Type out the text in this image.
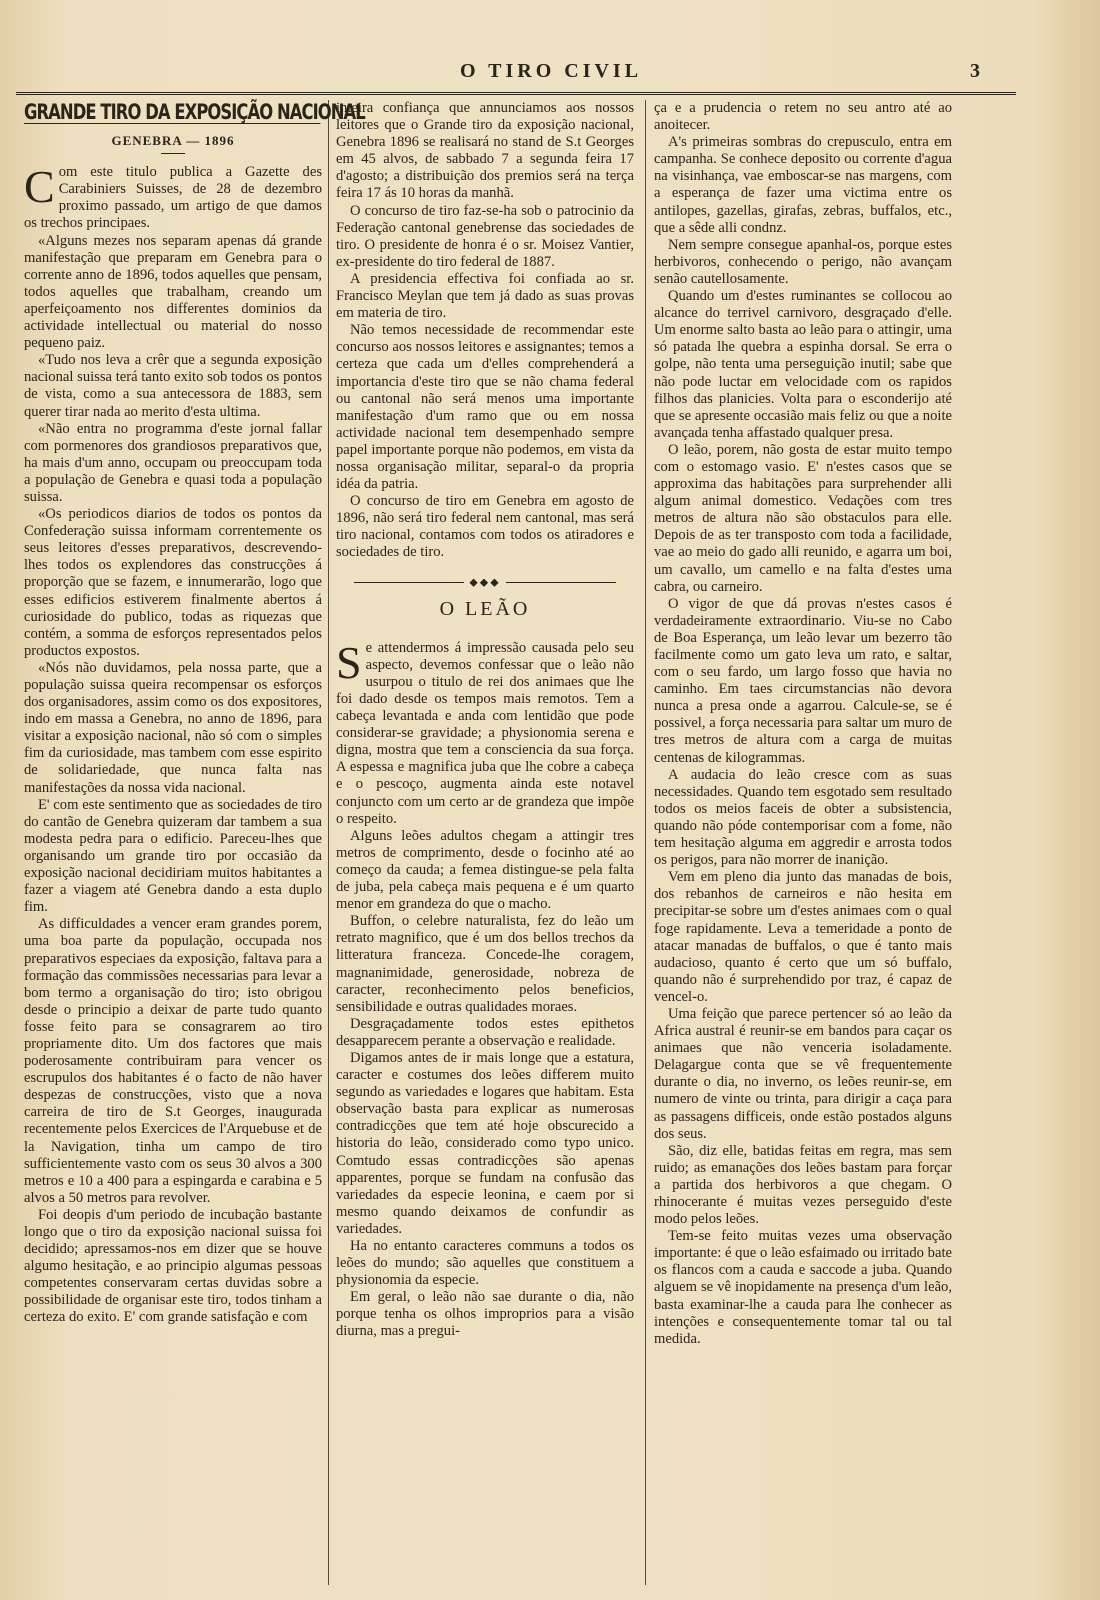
O TIRO CIVIL	3
GRANDE TIRO DA EXPOSIÇÃO NACIONAL
GENEBRA — 1896
C om este titulo publica a Gazette des Carabiniers Suisses, de 28 de dezembro proximo passado, um artigo de que damos os trechos principaes.

«Alguns mezes nos separam apenas dá grande manifestação que preparam em Genebra para o corrente anno de 1896, todos aquelles que pensam, todos aquelles que trabalham, creando um aperfeiçoamento nos differentes dominios da actividade intellectual ou material do nosso pequeno paiz.

«Tudo nos leva a crêr que a segunda exposição nacional suissa terá tanto exito sob todos os pontos de vista, como a sua antecessora de 1883, sem querer tirar nada ao merito d'esta ultima.

«Não entra no programma d'este jornal fallar com pormenores dos grandiosos preparativos que, ha mais d'um anno, occupam ou preoccupam toda a população de Genebra e quasi toda a população suissa.

«Os periodicos diarios de todos os pontos da Confederação suissa informam correntemente os seus leitores d'esses preparativos, descrevendo-lhes todos os explendores das construcções á proporção que se fazem, e innumerarão, logo que esses edificios estiverem finalmente abertos á curiosidade do publico, todas as riquezas que contém, a somma de esforços representados pelos productos expostos.

«Nós não duvidamos, pela nossa parte, que a população suissa queira recompensar os esforços dos organisadores, assim como os dos expositores, indo em massa a Genebra, no anno de 1896, para visitar a exposição nacional, não só com o simples fim da curiosidade, mas tambem com esse espirito de solidariedade, que nunca falta nas manifestações da nossa vida nacional.

E' com este sentimento que as sociedades de tiro do cantão de Genebra quizeram dar tambem a sua modesta pedra para o edificio. Pareceu-lhes que organisando um grande tiro por occasião da exposição nacional decidiriam muitos habitantes a fazer a viagem até Genebra dando a esta duplo fim.

As difficuldades a vencer eram grandes porem, uma boa parte da população, occupada nos preparativos especiaes da exposição, faltava para a formação das commissões necessarias para levar a bom termo a organisação do tiro; isto obrigou desde o principio a deixar de parte tudo quanto fosse feito para se consagrarem ao tiro propriamente dito. Um dos factores que mais poderosamente contribuiram para vencer os escrupulos dos habitantes é o facto de não haver despezas de construcções, visto que a nova carreira de tiro de S.t Georges, inaugurada recentemente pelos Exercices de l'Arquebuse et de la Navigation, tinha um campo de tiro sufficientemente vasto com os seus 30 alvos a 300 metros e 10 a 400 para a espingarda e carabina e 5 alvos a 50 metros para revolver.

Foi deopis d'um periodo de incubação bastante longo que o tiro da exposição nacional suissa foi decidido; apressamos-nos em dizer que se houve algumo hesitação, e ao principio algumas pessoas competentes conservaram certas duvidas sobre a possibilidade de organisar este tiro, todos tinham a certeza do exito. E' com grande satisfação e com

inteira confiança que annunciamos aos nossos leitores que o Grande tiro da exposição nacional, Genebra 1896 se realisará no stand de S.t Georges em 45 alvos, de sabbado 7 a segunda feira 17 d'agosto; a distribuição dos premios será na terça feira 17 ás 10 horas da manhã.

O concurso de tiro faz-se-ha sob o patrocinio da Federação cantonal genebrense das sociedades de tiro. O presidente de honra é o sr. Moisez Vantier, ex-presidente do tiro federal de 1887.

A presidencia effectiva foi confiada ao sr. Francisco Meylan que tem já dado as suas provas em materia de tiro.

Não temos necessidade de recommendar este concurso aos nossos leitores e assignantes; temos a certeza que cada um d'elles comprehenderá a importancia d'este tiro que se não chama federal ou cantonal não será menos uma importante manifestação d'um ramo que ou em nossa actividade nacional tem desempenhado sempre papel importante porque não podemos, em vista da nossa organisação militar, separal-o da propria idéa da patria.

O concurso de tiro em Genebra em agosto de 1896, não será tiro federal nem cantonal, mas será tiro nacional, contamos com todos os atiradores e sociedades de tiro.

⬥⬥⬥
O LEÃO
S e attendermos á impressão causada pelo seu aspecto, devemos confessar que o leão não usurpou o titulo de rei dos animaes que lhe foi dado desde os tempos mais remotos. Tem a cabeça levantada e anda com lentidão que pode considerar-se gravidade; a physionomia serena e digna, mostra que tem a consciencia da sua força. A espessa e magnifica juba que lhe cobre a cabeça e o pescoço, augmenta ainda este notavel conjuncto com um certo ar de grandeza que impõe o respeito.

Alguns leões adultos chegam a attingir tres metros de comprimento, desde o focinho até ao começo da cauda; a femea distingue-se pela falta de juba, pela cabeça mais pequena e é um quarto menor em grandeza do que o macho.

Buffon, o celebre naturalista, fez do leão um retrato magnifico, que é um dos bellos trechos da litteratura franceza. Concede-lhe coragem, magnanimidade, generosidade, nobreza de caracter, reconhecimento pelos beneficios, sensibilidade e outras qualidades moraes.

Desgraçadamente todos estes epithetos desapparecem perante a observação e realidade.

Digamos antes de ir mais longe que a estatura, caracter e costumes dos leões differem muito segundo as variedades e logares que habitam. Esta observação basta para explicar as numerosas contradicções que tem até hoje obscurecido a historia do leão, considerado como typo unico. Comtudo essas contradicções são apenas apparentes, porque se fundam na confusão das variedades da especie leonina, e caem por si mesmo quando deixamos de confundir as variedades.

Ha no entanto caracteres communs a todos os leões do mundo; são aquelles que constituem a physionomia da especie.

Em geral, o leão não sae durante o dia, não porque tenha os olhos improprios para a visão diurna, mas a pregui-

ça e a prudencia o retem no seu antro até ao anoitecer.

A's primeiras sombras do crepusculo, entra em campanha. Se conhece deposito ou corrente d'agua na visinhança, vae emboscar-se nas margens, com a esperança de fazer uma victima entre os antilopes, gazellas, girafas, zebras, buffalos, etc., que a sêde alli condnz.

Nem sempre consegue apanhal-os, porque estes herbivoros, conhecendo o perigo, não avançam senão cautellosamente.

Quando um d'estes ruminantes se collocou ao alcance do terrivel carnivoro, desgraçado d'elle. Um enorme salto basta ao leão para o attingir, uma só patada lhe quebra a espinha dorsal. Se erra o golpe, não tenta uma perseguição inutil; sabe que não pode luctar em velocidade com os rapidos filhos das planicies. Volta para o esconderijo até que se apresente occasião mais feliz ou que a noite avançada tenha affastado qualquer presa.

O leão, porem, não gosta de estar muito tempo com o estomago vasio. E' n'estes casos que se approxima das habitações para surprehender alli algum animal domestico. Vedações com tres metros de altura não são obstaculos para elle. Depois de as ter transposto com toda a facilidade, vae ao meio do gado alli reunido, e agarra um boi, um cavallo, um camello e na falta d'estes uma cabra, ou carneiro.

O vigor de que dá provas n'estes casos é verdadeiramente extraordinario. Viu-se no Cabo de Boa Esperança, um leão levar um bezerro tão facilmente como um gato leva um rato, e saltar, com o seu fardo, um largo fosso que havia no caminho. Em taes circumstancias não devora nunca a presa onde a agarrou. Calcule-se, se é possivel, a força necessaria para saltar um muro de tres metros de altura com a carga de muitas centenas de kilogrammas.

A audacia do leão cresce com as suas necessidades. Quando tem esgotado sem resultado todos os meios faceis de obter a subsistencia, quando não póde contemporisar com a fome, não tem hesitação alguma em aggredir e arrosta todos os perigos, para não morrer de inanição.

Vem em pleno dia junto das manadas de bois, dos rebanhos de carneiros e não hesita em precipitar-se sobre um d'estes animaes com o qual foge rapidamente. Leva a temeridade a ponto de atacar manadas de buffalos, o que é tanto mais audacioso, quanto é certo que um só buffalo, quando não é surprehendido por traz, é capaz de vencel-o.

Uma feição que parece pertencer só ao leão da Africa austral é reunir-se em bandos para caçar os animaes que não venceria isoladamente. Delagargue conta que se vê frequentemente durante o dia, no inverno, os leões reunir-se, em numero de vinte ou trinta, para dirigir a caça para as passagens difficeis, onde estão postados alguns dos seus.

São, diz elle, batidas feitas em regra, mas sem ruido; as emanações dos leões bastam para forçar a partida dos herbivoros a que chegam. O rhinocerante é muitas vezes perseguido d'este modo pelos leões.

Tem-se feito muitas vezes uma observação importante: é que o leão esfaimado ou irritado bate os flancos com a cauda e saccode a juba. Quando alguem se vê inopidamente na presença d'um leão, basta examinar-lhe a cauda para lhe conhecer as intenções e consequentemente tomar tal ou tal medida.
